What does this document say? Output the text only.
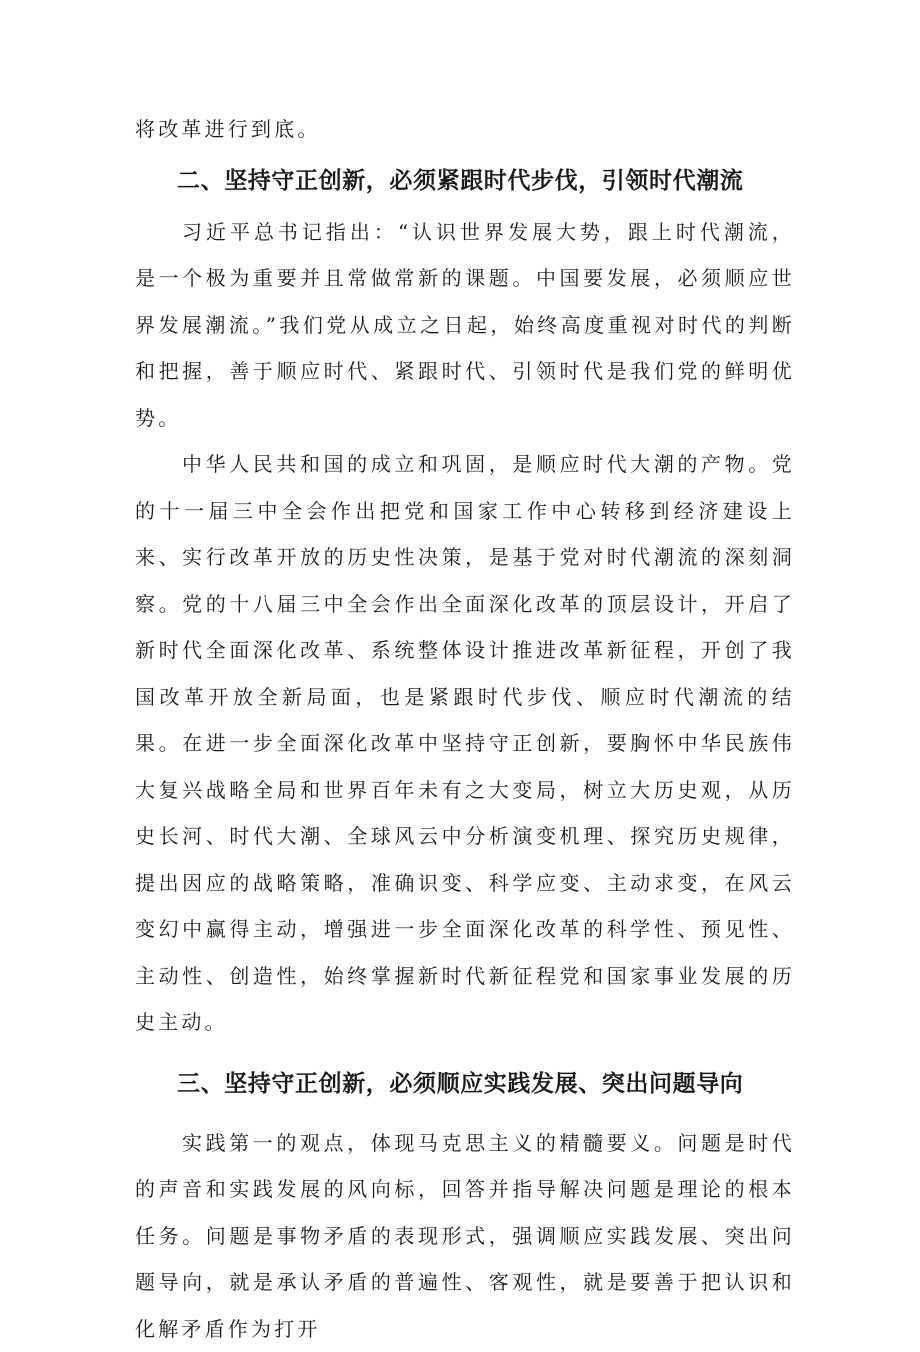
将改革进行到底。

二、坚持守正创新，必须紧跟时代步伐，引领时代潮流

习近平总书记指出：“认识世界发展大势，跟上时代潮流，是一个极为重要并且常做常新的课题。中国要发展，必须顺应世界发展潮流。”我们党从成立之日起，始终高度重视对时代的判断和把握，善于顺应时代、紧跟时代、引领时代是我们党的鲜明优势。

中华人民共和国的成立和巩固，是顺应时代大潮的产物。党的十一届三中全会作出把党和国家工作中心转移到经济建设上来、实行改革开放的历史性决策，是基于党对时代潮流的深刻洞察。党的十八届三中全会作出全面深化改革的顶层设计，开启了新时代全面深化改革、系统整体设计推进改革新征程，开创了我国改革开放全新局面，也是紧跟时代步伐、顺应时代潮流的结果。在进一步全面深化改革中坚持守正创新，要胸怀中华民族伟大复兴战略全局和世界百年未有之大变局，树立大历史观，从历史长河、时代大潮、全球风云中分析演变机理、探究历史规律，提出因应的战略策略，准确识变、科学应变、主动求变，在风云变幻中赢得主动，增强进一步全面深化改革的科学性、预见性、主动性、创造性，始终掌握新时代新征程党和国家事业发展的历史主动。

三、坚持守正创新，必须顺应实践发展、突出问题导向

实践第一的观点，体现马克思主义的精髓要义。问题是时代的声音和实践发展的风向标，回答并指导解决问题是理论的根本任务。问题是事物矛盾的表现形式，强调顺应实践发展、突出问题导向，就是承认矛盾的普遍性、客观性，就是要善于把认识和化解矛盾作为打开
